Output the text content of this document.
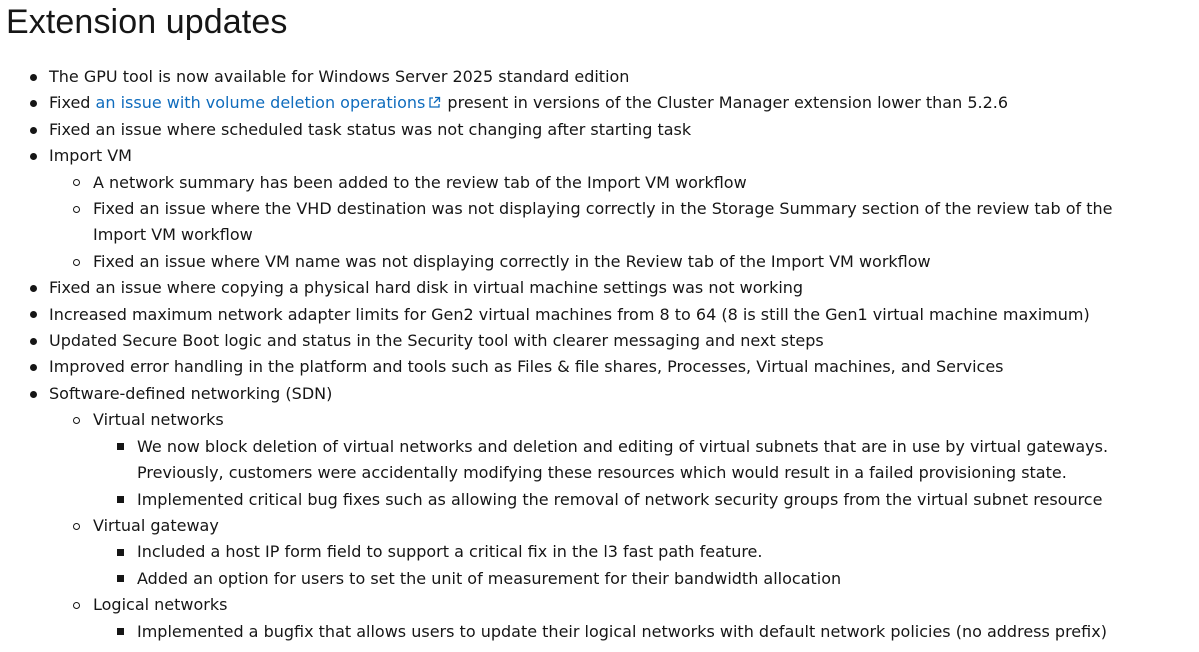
Extension updates
The GPU tool is now available for Windows Server 2025 standard edition
Fixed an issue with volume deletion operations present in versions of the Cluster Manager extension lower than 5.2.6
Fixed an issue where scheduled task status was not changing after starting task
Import VM
A network summary has been added to the review tab of the Import VM workflow
Fixed an issue where the VHD destination was not displaying correctly in the Storage Summary section of the review tab of the Import VM workflow
Fixed an issue where VM name was not displaying correctly in the Review tab of the Import VM workflow
Fixed an issue where copying a physical hard disk in virtual machine settings was not working
Increased maximum network adapter limits for Gen2 virtual machines from 8 to 64 (8 is still the Gen1 virtual machine maximum)
Updated Secure Boot logic and status in the Security tool with clearer messaging and next steps
Improved error handling in the platform and tools such as Files & file shares, Processes, Virtual machines, and Services
Software-defined networking (SDN)
Virtual networks
We now block deletion of virtual networks and deletion and editing of virtual subnets that are in use by virtual gateways. Previously, customers were accidentally modifying these resources which would result in a failed provisioning state.
Implemented critical bug fixes such as allowing the removal of network security groups from the virtual subnet resource
Virtual gateway
Included a host IP form field to support a critical fix in the l3 fast path feature.
Added an option for users to set the unit of measurement for their bandwidth allocation
Logical networks
Implemented a bugfix that allows users to update their logical networks with default network policies (no address prefix)
